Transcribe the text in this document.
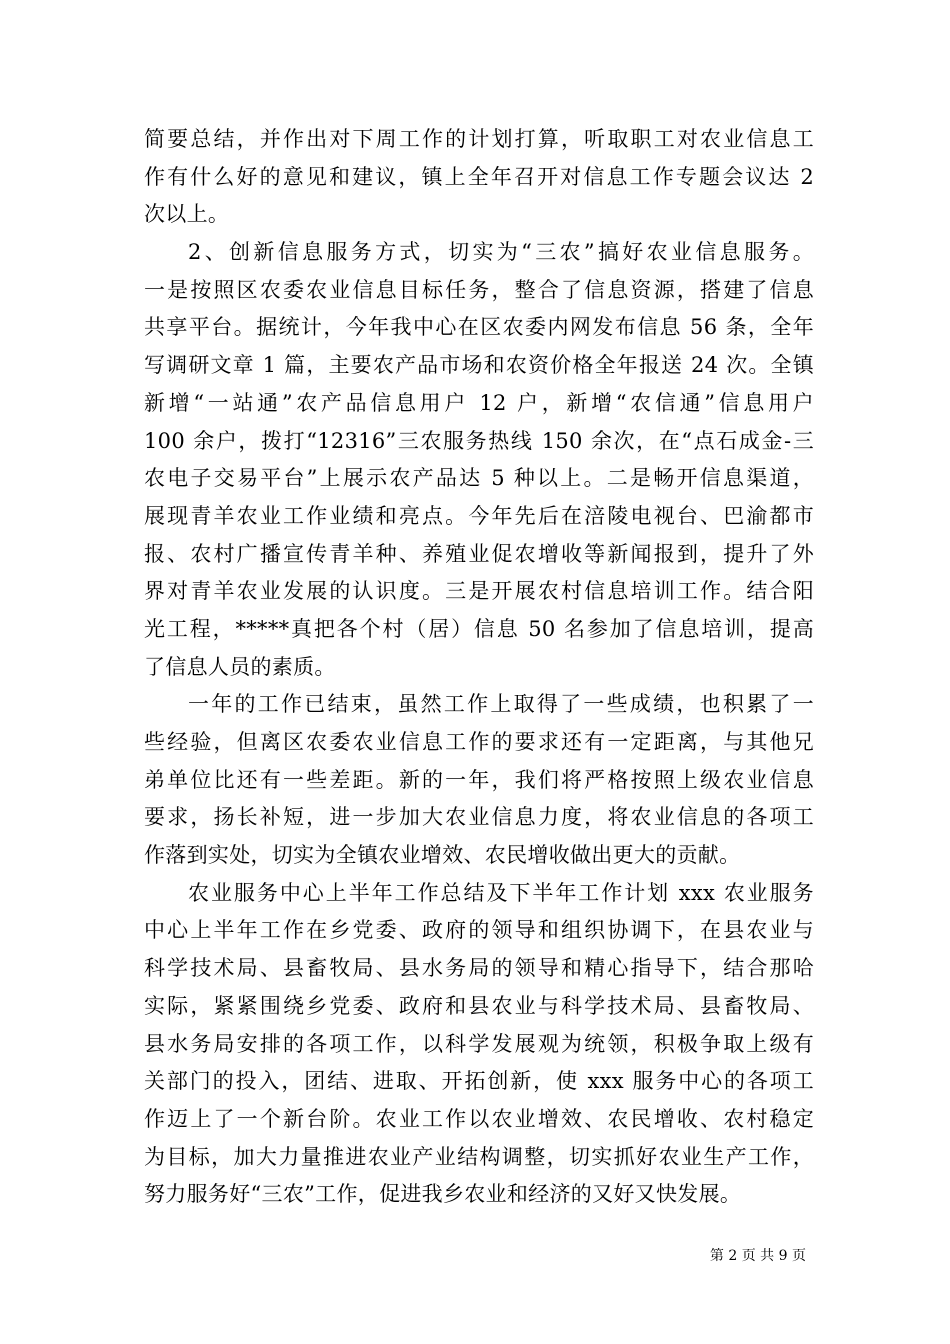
简要总结，并作出对下周工作的计划打算，听取职工对农业信息工
作有什么好的意见和建议，镇上全年召开对信息工作专题会议达 2
次以上。
2、创新信息服务方式，切实为“三农”搞好农业信息服务。
一是按照区农委农业信息目标任务，整合了信息资源，搭建了信息
共享平台。据统计，今年我中心在区农委内网发布信息 56 条，全年
写调研文章 1 篇，主要农产品市场和农资价格全年报送 24 次。全镇
新增“一站通”农产品信息用户 12 户，新增“农信通”信息用户
100 余户，拨打“12316”三农服务热线 150 余次，在“点石成金-三
农电子交易平台”上展示农产品达 5 种以上。二是畅开信息渠道，
展现青羊农业工作业绩和亮点。今年先后在涪陵电视台、巴渝都市
报、农村广播宣传青羊种、养殖业促农增收等新闻报到，提升了外
界对青羊农业发展的认识度。三是开展农村信息培训工作。结合阳
光工程，*****真把各个村（居）信息 50 名参加了信息培训，提高
了信息人员的素质。
一年的工作已结束，虽然工作上取得了一些成绩，也积累了一
些经验，但离区农委农业信息工作的要求还有一定距离，与其他兄
弟单位比还有一些差距。新的一年，我们将严格按照上级农业信息
要求，扬长补短，进一步加大农业信息力度，将农业信息的各项工
作落到实处，切实为全镇农业增效、农民增收做出更大的贡献。
农业服务中心上半年工作总结及下半年工作计划 xxx 农业服务
中心上半年工作在乡党委、政府的领导和组织协调下，在县农业与
科学技术局、县畜牧局、县水务局的领导和精心指导下，结合那哈
实际，紧紧围绕乡党委、政府和县农业与科学技术局、县畜牧局、
县水务局安排的各项工作，以科学发展观为统领，积极争取上级有
关部门的投入，团结、进取、开拓创新，使 xxx 服务中心的各项工
作迈上了一个新台阶。农业工作以农业增效、农民增收、农村稳定
为目标，加大力量推进农业产业结构调整，切实抓好农业生产工作，
努力服务好“三农”工作，促进我乡农业和经济的又好又快发展。
第 2 页 共 9 页
